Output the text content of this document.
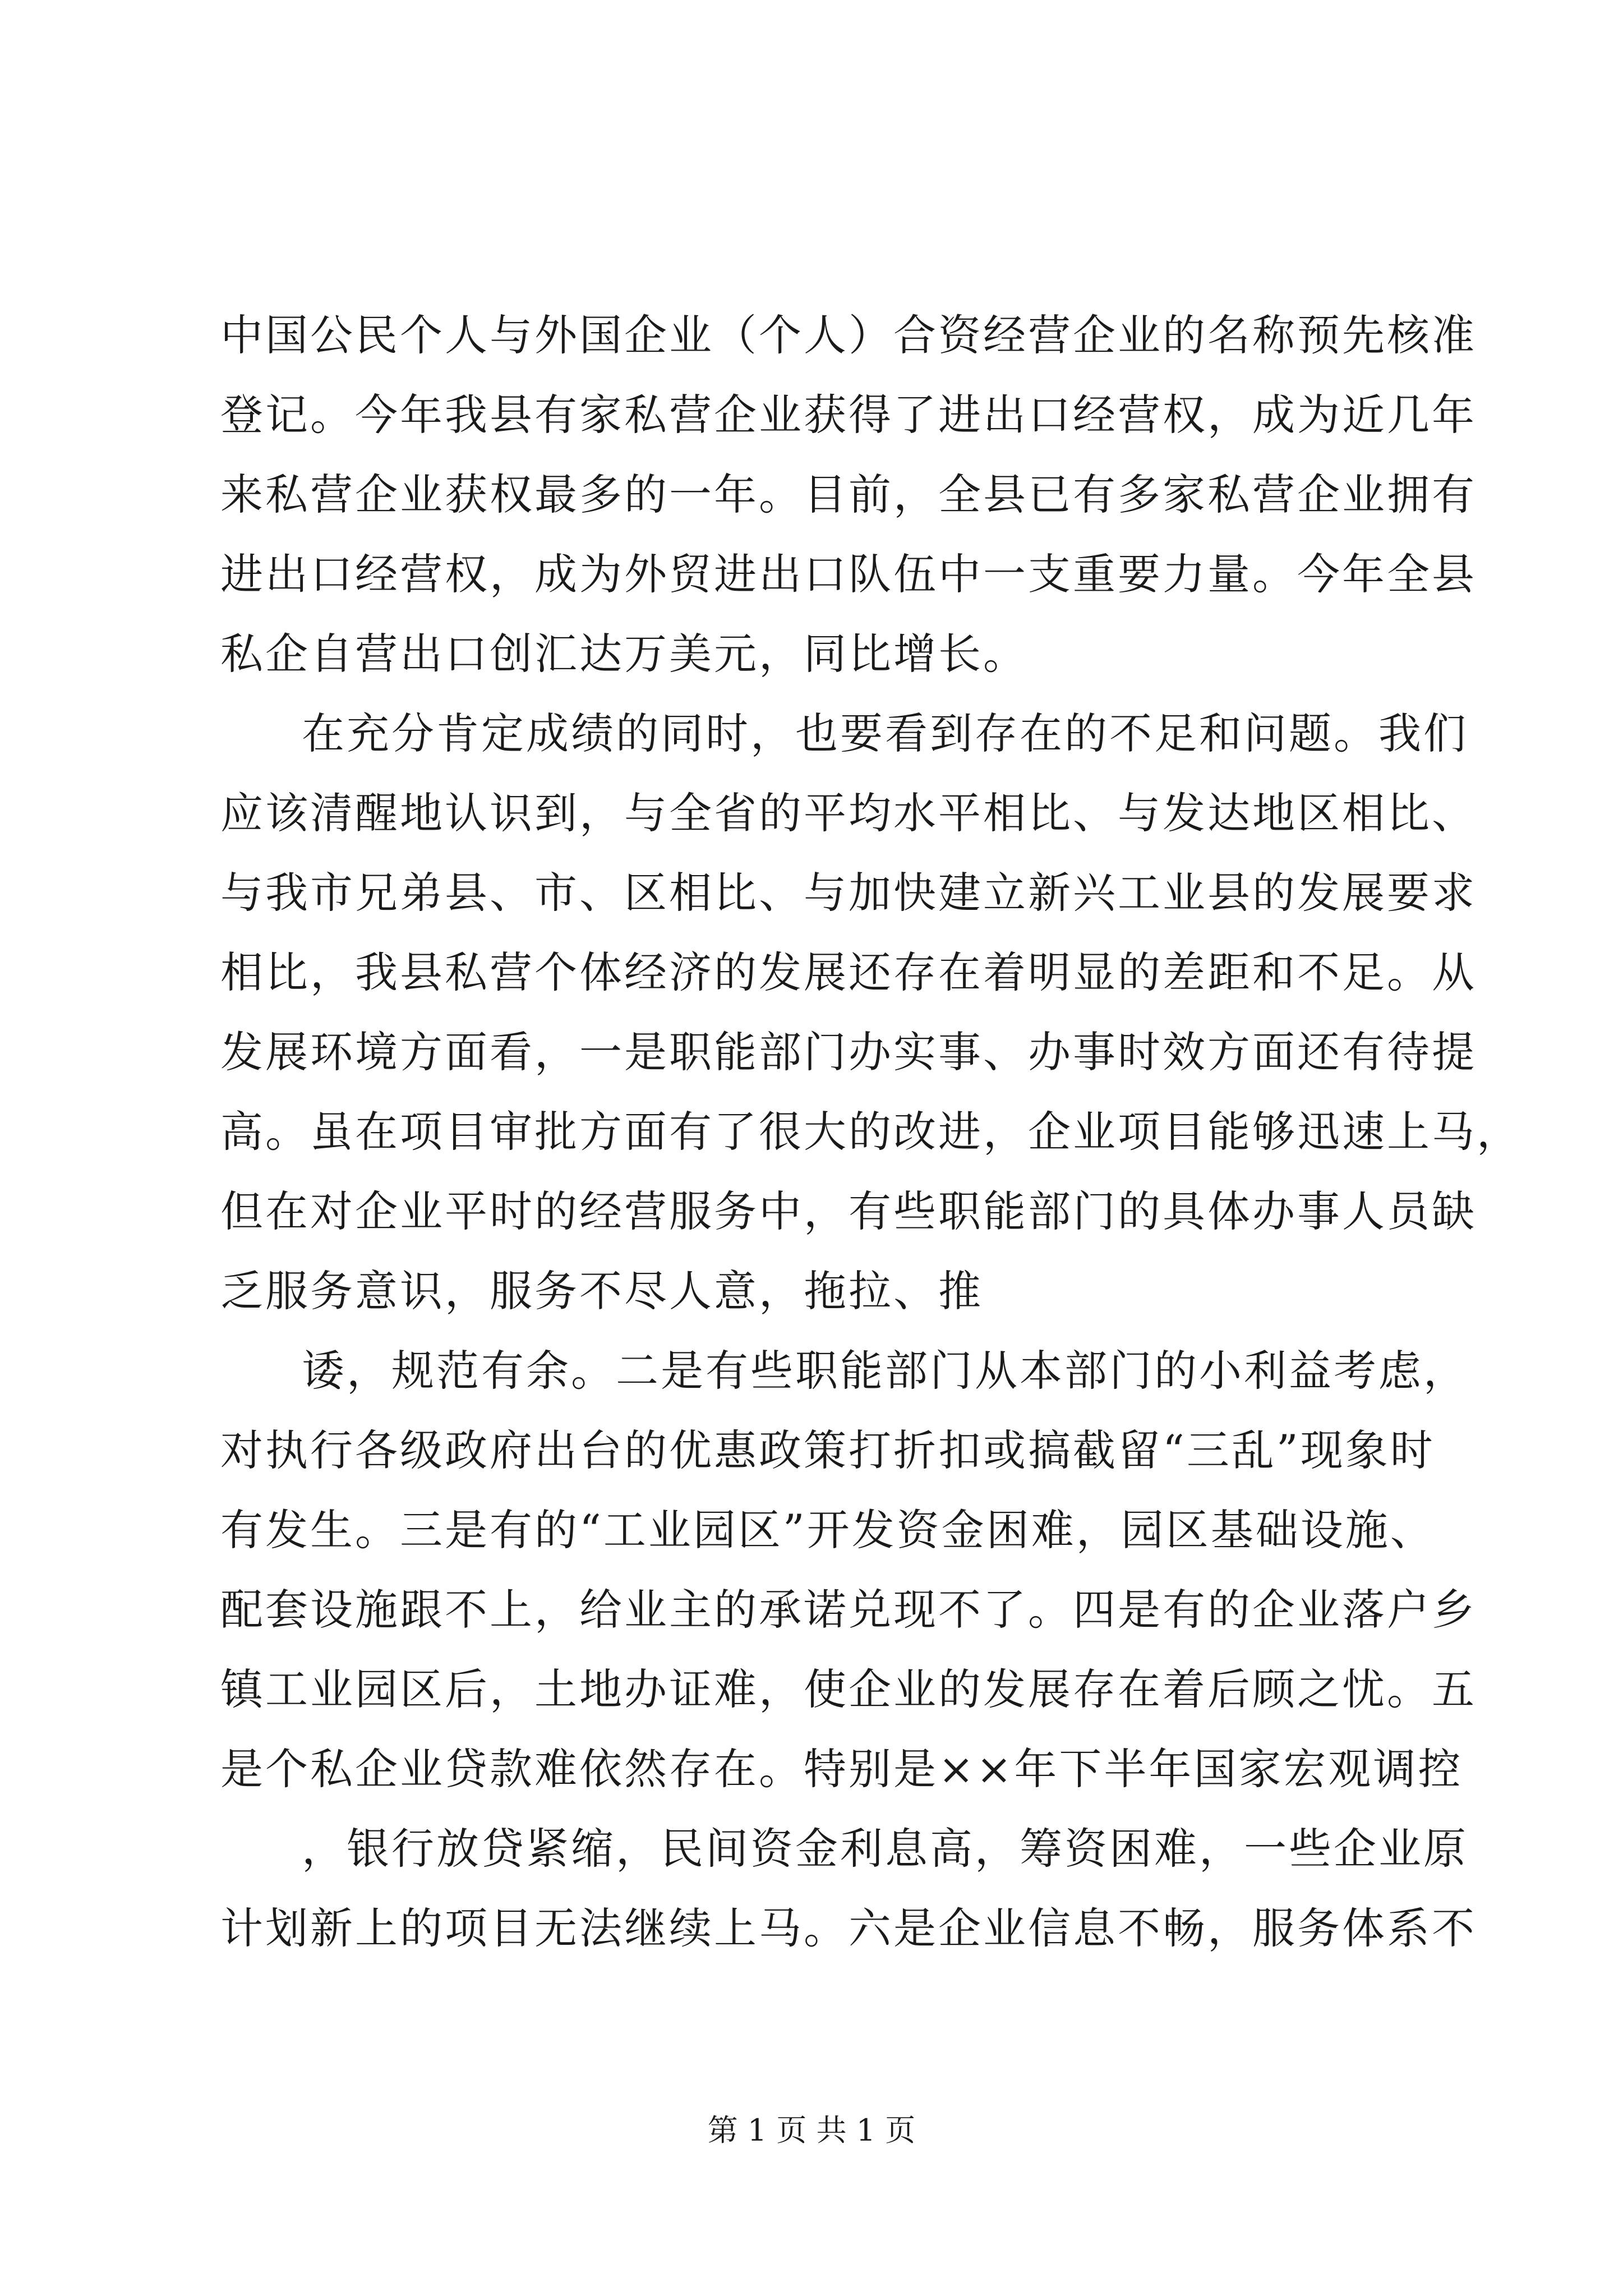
中国公民个人与外国企业（个人）合资经营企业的名称预先核准
登记。今年我县有家私营企业获得了进出口经营权，成为近几年
来私营企业获权最多的一年。目前，全县已有多家私营企业拥有
进出口经营权，成为外贸进出口队伍中一支重要力量。今年全县
私企自营出口创汇达万美元，同比增长。
在充分肯定成绩的同时，也要看到存在的不足和问题。我们
应该清醒地认识到，与全省的平均水平相比、与发达地区相比、
与我市兄弟县、市、区相比、与加快建立新兴工业县的发展要求
相比，我县私营个体经济的发展还存在着明显的差距和不足。从
发展环境方面看，一是职能部门办实事、办事时效方面还有待提
高。虽在项目审批方面有了很大的改进，企业项目能够迅速上马，
但在对企业平时的经营服务中，有些职能部门的具体办事人员缺
乏服务意识，服务不尽人意，拖拉、推
诿，规范有余。二是有些职能部门从本部门的小利益考虑，
对执行各级政府出台的优惠政策打折扣或搞截留“三乱”现象时
有发生。三是有的“工业园区”开发资金困难，园区基础设施、
配套设施跟不上，给业主的承诺兑现不了。四是有的企业落户乡
镇工业园区后，土地办证难，使企业的发展存在着后顾之忧。五
是个私企业贷款难依然存在。特别是××年下半年国家宏观调控
，银行放贷紧缩，民间资金利息高，筹资困难，一些企业原
计划新上的项目无法继续上马。六是企业信息不畅，服务体系不
第 1 页 共 1 页
